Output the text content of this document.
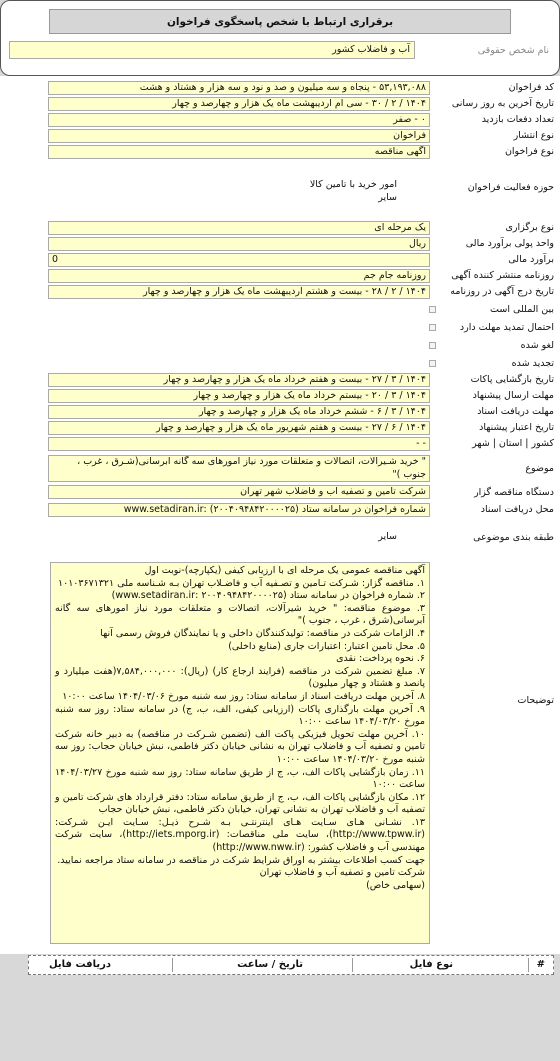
برقراری ارتباط با شخص پاسخگوی فراخوان
نام شخص حقوقی
آب و فاضلاب کشور
کد فراخوان
۵۳,۱۹۳,۰۸۸ - پنجاه و سه میلیون و صد و نود و سه هزار و هشتاد و هشت
تاریخ آخرین به روز رسانی
۱۴۰۴ / ۲ / ۳۰ - سی ام اردیبهشت ماه یک هزار و چهارصد و چهار
تعداد دفعات بازدید
۰ - صفر
نوع انتشار
فراخوان
نوع فراخوان
آگهی مناقصه
حوزه فعالیت فراخوان
امور خرید با تامین کالا
سایر
نوع برگزاری
یک مرحله ای
واحد پولی برآورد مالی
ریال
برآورد مالی
0
روزنامه منتشر کننده آگهی
روزنامه جام جم
تاریخ درج آگهی در روزنامه
۱۴۰۴ / ۲ / ۲۸ - بیست و هشتم اردیبهشت ماه یک هزار و چهارصد و چهار
بین المللی است
احتمال تمدید مهلت دارد
لغو شده
تجدید شده
تاریخ بازگشایی پاکات
۱۴۰۴ / ۳ / ۲۷ - بیست و هفتم خرداد ماه یک هزار و چهارصد و چهار
مهلت ارسال پیشنهاد
۱۴۰۴ / ۳ / ۲۰ - بیستم خرداد ماه یک هزار و چهارصد و چهار
مهلت دریافت اسناد
۱۴۰۴ / ۳ / ۶ - ششم خرداد ماه یک هزار و چهارصد و چهار
تاریخ اعتبار پیشنهاد
۱۴۰۴ / ۶ / ۲۷ - بیست و هفتم شهریور ماه یک هزار و چهارصد و چهار
کشور | استان | شهر
- -
موضوع
" خرید شـیرآلات، اتصالات و متعلقات مورد نیاز امورهای سه گانه آبرسانی(شـرق ، غرب ، جنوب )"
دستگاه مناقصه گزار
شرکت تامین و تصفیه آب و فاضلاب شهر تهران
محل دریافت اسناد
شماره فراخوان در سامانه ستاد (۲۰۰۴۰۹۴۸۴۲۰۰۰۰۲۵) :www.setadiran.ir
طبقه بندی موضوعی
سایر
توضیحات

آگهی مناقصه عمومی یک مرحله ای با ارزیابی کیفی (یکپارچه)-نوبت اول

۱. مناقصه گزار: شـرکت تـامین و تصـفیه آب و فاضـلاب تهران بـه شـناسه ملی ۱۰۱۰۳۶۷۱۳۲۱

۲. شماره فراخوان در سامانه ستاد (۲۰۰۴۰۹۴۸۴۲۰۰۰۰۲۵ :www.setadiran.ir)

۳. موضوع مناقصه: " خرید شیرآلات، اتصالات و متعلقات مورد نیاز امورهای سه گانه آبرسانی(شرق ، غرب ، جنوب )"

۴. الزامات شرکت در مناقصه: تولیدکنندگان داخلی و یا نمایندگان فروش رسمی آنها

۵. محل تامین اعتبار: اعتبارات جاری (منابع داخلی)

۶. نحوه پرداخت: نقدی

۷. مبلغ تضمین شرکت در مناقصه (فرایند ارجاع کار) (ریال): ۷,۵۸۴,۰۰۰,۰۰۰(هفت میلیارد و پانصد و هشتاد و چهار میلیون)

۸. آخرین مهلت دریافت اسناد از سامانه ستاد: روز سه شنبه مورخ ۱۴۰۴/۰۳/۰۶ ساعت ۱۰:۰۰

۹. آخرین مهلت بارگذاری پاکات (ارزیابی کیفی، الف، ب، ج) در سامانه ستاد: روز سه شنبه مورخ ۱۴۰۴/۰۳/۲۰ ساعت ۱۰:۰۰

۱۰. آخرین مهلت تحویل فیزیکی پاکت الف (تضمین شـرکت در مناقصه) به دبیر خانه شرکت تامین و تصفیه آب و فاضلاب تهران به نشانی خیابان دکتر فاطمی، نبش خیابان حجاب: روز سه شنبه مورخ ۱۴۰۴/۰۳/۲۰ ساعت ۱۰:۰۰

۱۱. زمان بازگشایی پاکات الف، ب، ج از طریق سامانه ستاد: روز سه شنبه مورخ ۱۴۰۴/۰۳/۲۷ ساعت ۱۰:۰۰

۱۲. مکان بازگشایی پاکات الف، ب، ج از طریق سامانه ستاد: دفتر قرارداد های شرکت تامین و تصفیه آب و فاضلاب تهران به نشانی تهران، خیابان دکتر فاطمی، نبش خیابان حجاب

۱۳. نشـانی هـای سـایت هـای اینترنتـی بـه شـرح ذیـل: سـایت ایـن شـرکت: (http://www.tpww.ir)، سایت ملی مناقصات: (http://iets.mporg.ir)، سایت شرکت مهندسی آب و فاضلاب کشور: (http://www.nww.ir)

جهت کسب اطلاعات بیشتر به اوراق شرایط شرکت در مناقصه در سامانه ستاد مراجعه نمایید.

شرکت تامین و تصفیه آب و فاضلاب تهران

(سهامی خاص)

#
نوع فایل
تاریخ / ساعت
دریافت فایل
